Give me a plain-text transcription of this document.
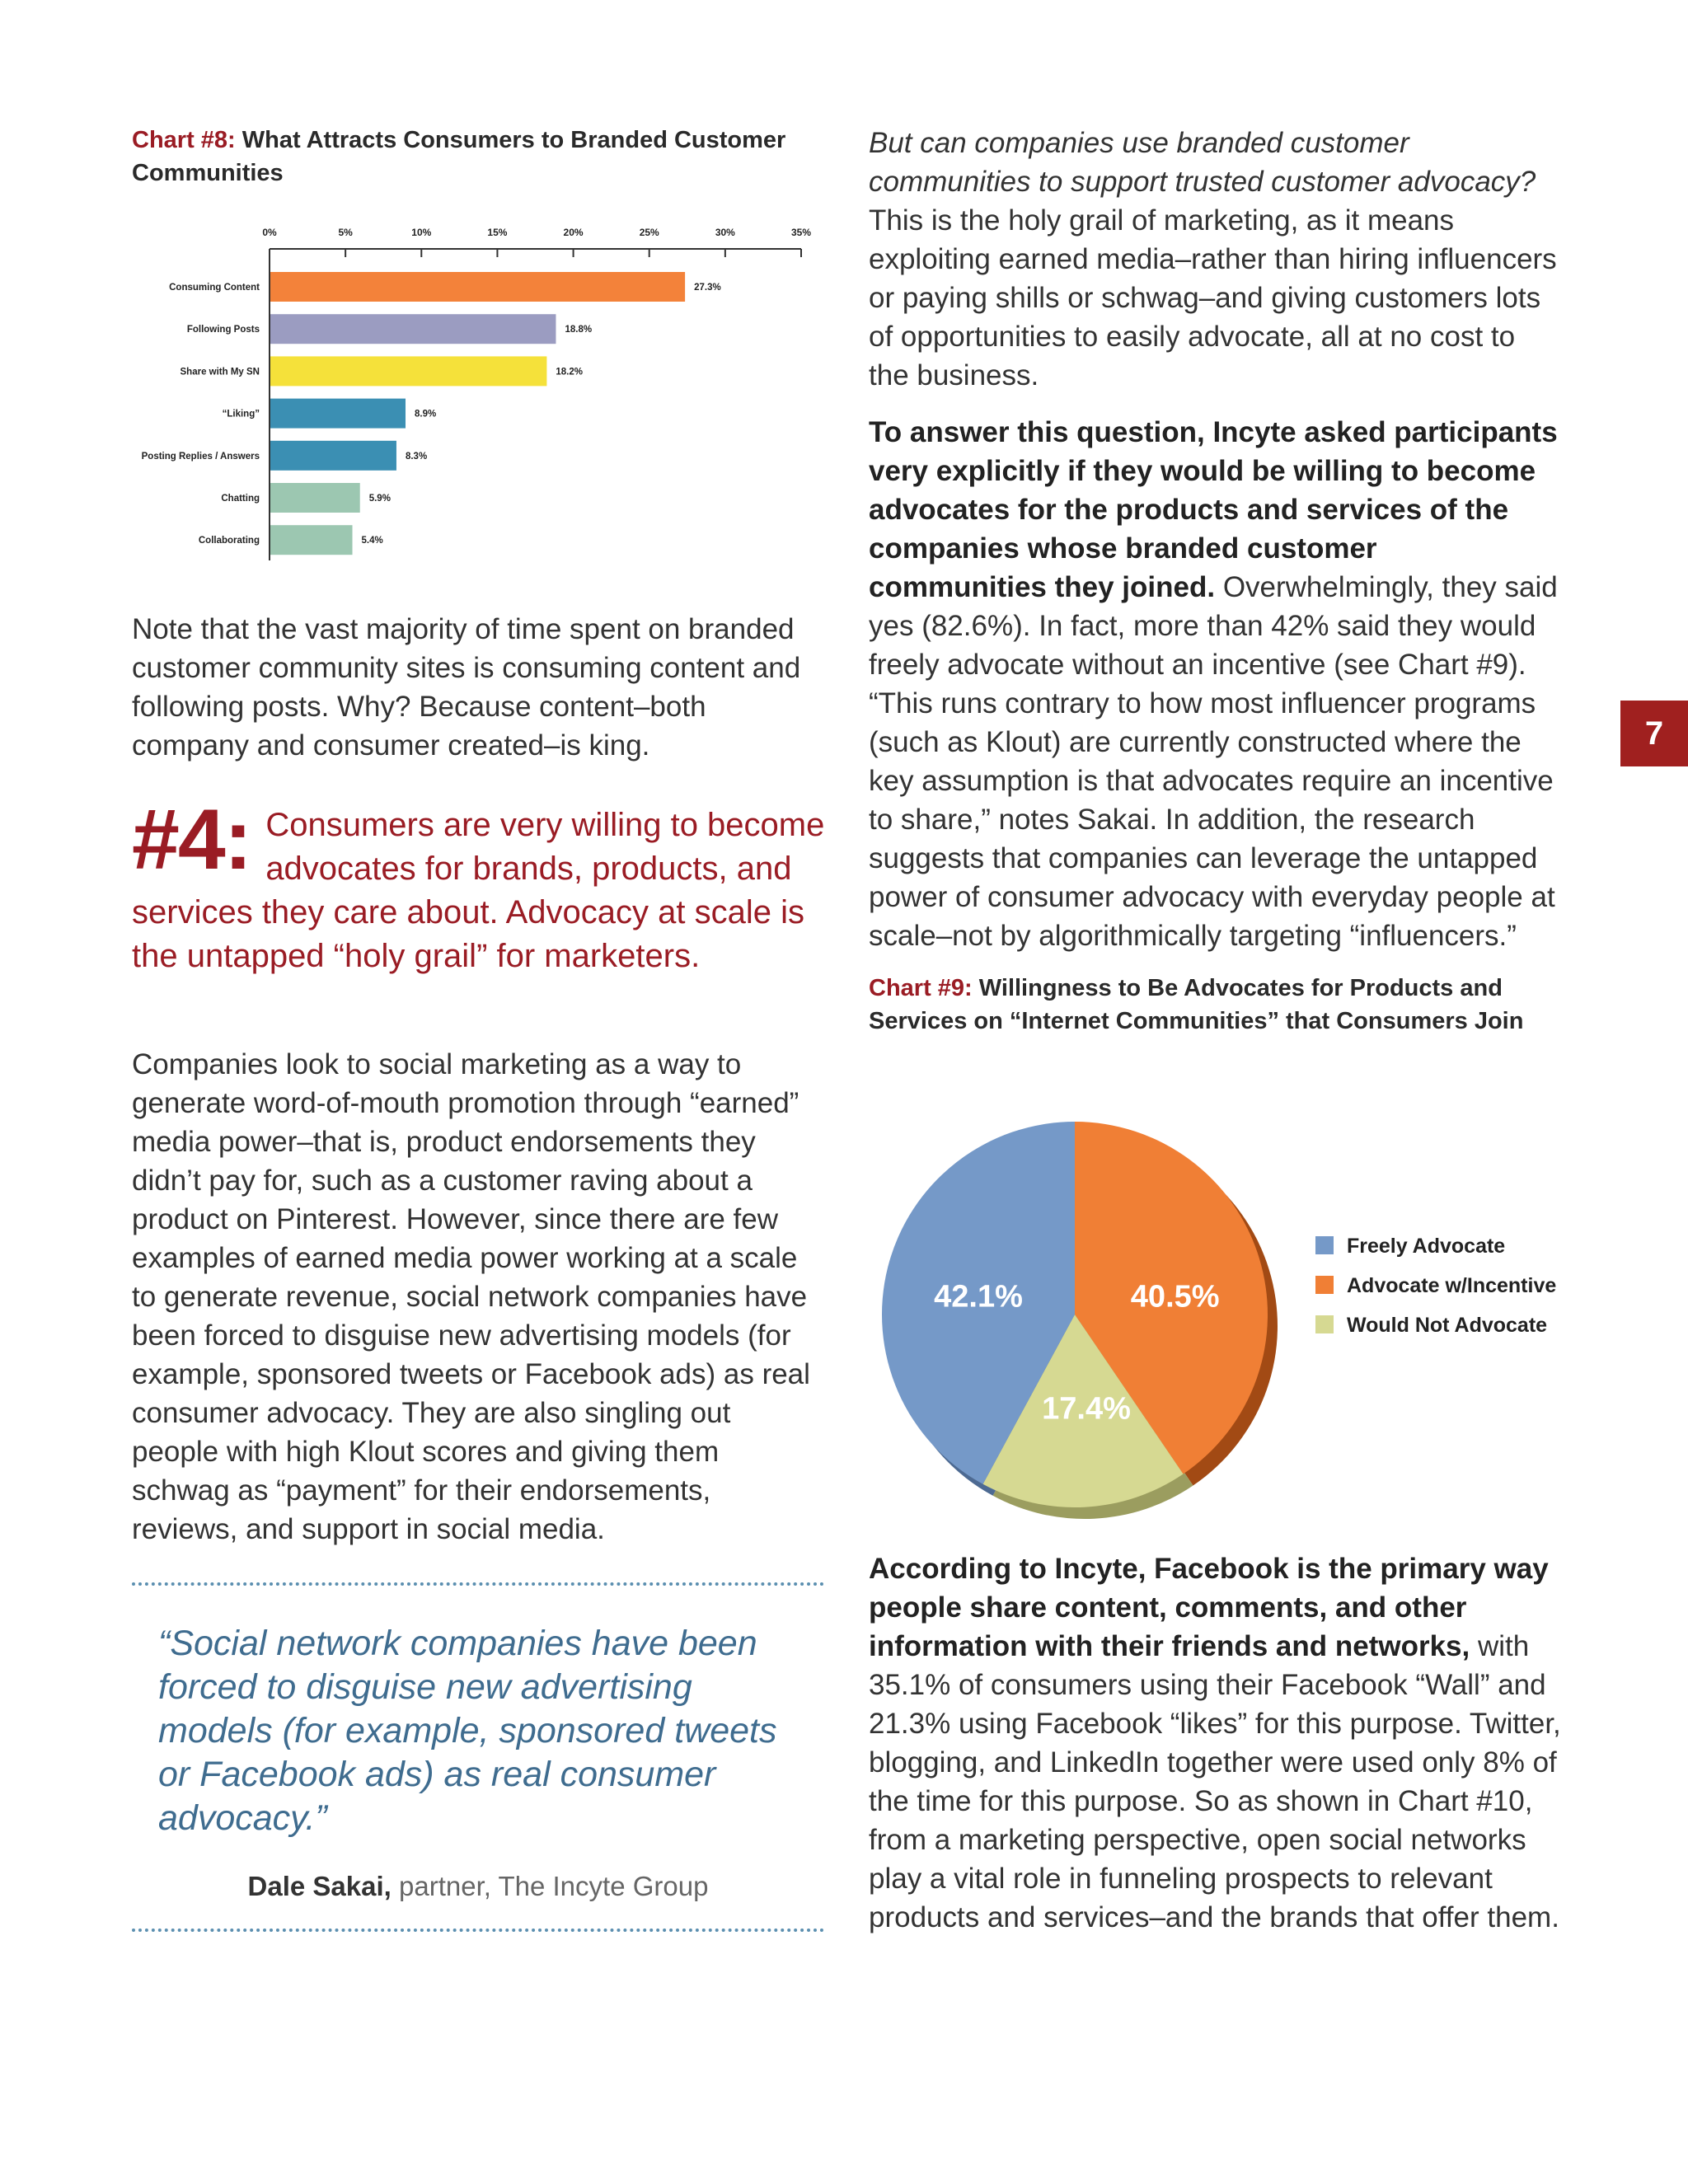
Chart #8: What Attracts Consumers to Branded Customer Communities

0%	5%	10%	15%	20%	25%	30%	35%
Consuming Content	27.3%
Following Posts	18.8%
Share with My SN	18.2%
“Liking”	8.9%
Posting Replies / Answers	8.3%
Chatting	5.9%
Collaborating	5.4%

Note that the vast majority of time spent on branded customer community sites is consuming content and following posts. Why? Because content–both company and consumer created–is king.

#4: Consumers are very willing to become advocates for brands, products, and services they care about. Advocacy at scale is the untapped “holy grail” for marketers.

Companies look to social marketing as a way to generate word-of-mouth promotion through “earned” media power–that is, product endorsements they didn’t pay for, such as a customer raving about a product on Pinterest. However, since there are few examples of earned media power working at a scale to generate revenue, social network companies have been forced to disguise new advertising models (for example, sponsored tweets or Facebook ads) as real consumer advocacy. They are also singling out people with high Klout scores and giving them schwag as “payment” for their endorsements, reviews, and support in social media.

“Social network companies have been forced to disguise new advertising models (for example, sponsored tweets or Facebook ads) as real consumer advocacy.”
Dale Sakai, partner, The Incyte Group

But can companies use branded customer communities to support trusted customer advocacy? This is the holy grail of marketing, as it means exploiting earned media–rather than hiring influencers or paying shills or schwag–and giving customers lots of opportunities to easily advocate, all at no cost to the business.

To answer this question, Incyte asked participants very explicitly if they would be willing to become advocates for the products and services of the companies whose branded customer communities they joined. Overwhelmingly, they said yes (82.6%). In fact, more than 42% said they would freely advocate without an incentive (see Chart #9). “This runs contrary to how most influencer programs (such as Klout) are currently constructed where the key assumption is that advocates require an incentive to share,” notes Sakai. In addition, the research suggests that companies can leverage the untapped power of consumer advocacy with everyday people at scale–not by algorithmically targeting “influencers.”

Chart #9: Willingness to Be Advocates for Products and Services on “Internet Communities” that Consumers Join

40.5%
17.4%
42.1%
Freely Advocate
Advocate w/Incentive
Would Not Advocate

According to Incyte, Facebook is the primary way people share content, comments, and other information with their friends and networks, with 35.1% of consumers using their Facebook “Wall” and 21.3% using Facebook “likes” for this purpose. Twitter, blogging, and LinkedIn together were used only 8% of the time for this purpose. So as shown in Chart #10, from a marketing perspective, open social networks play a vital role in funneling prospects to relevant products and services–and the brands that offer them.

7
